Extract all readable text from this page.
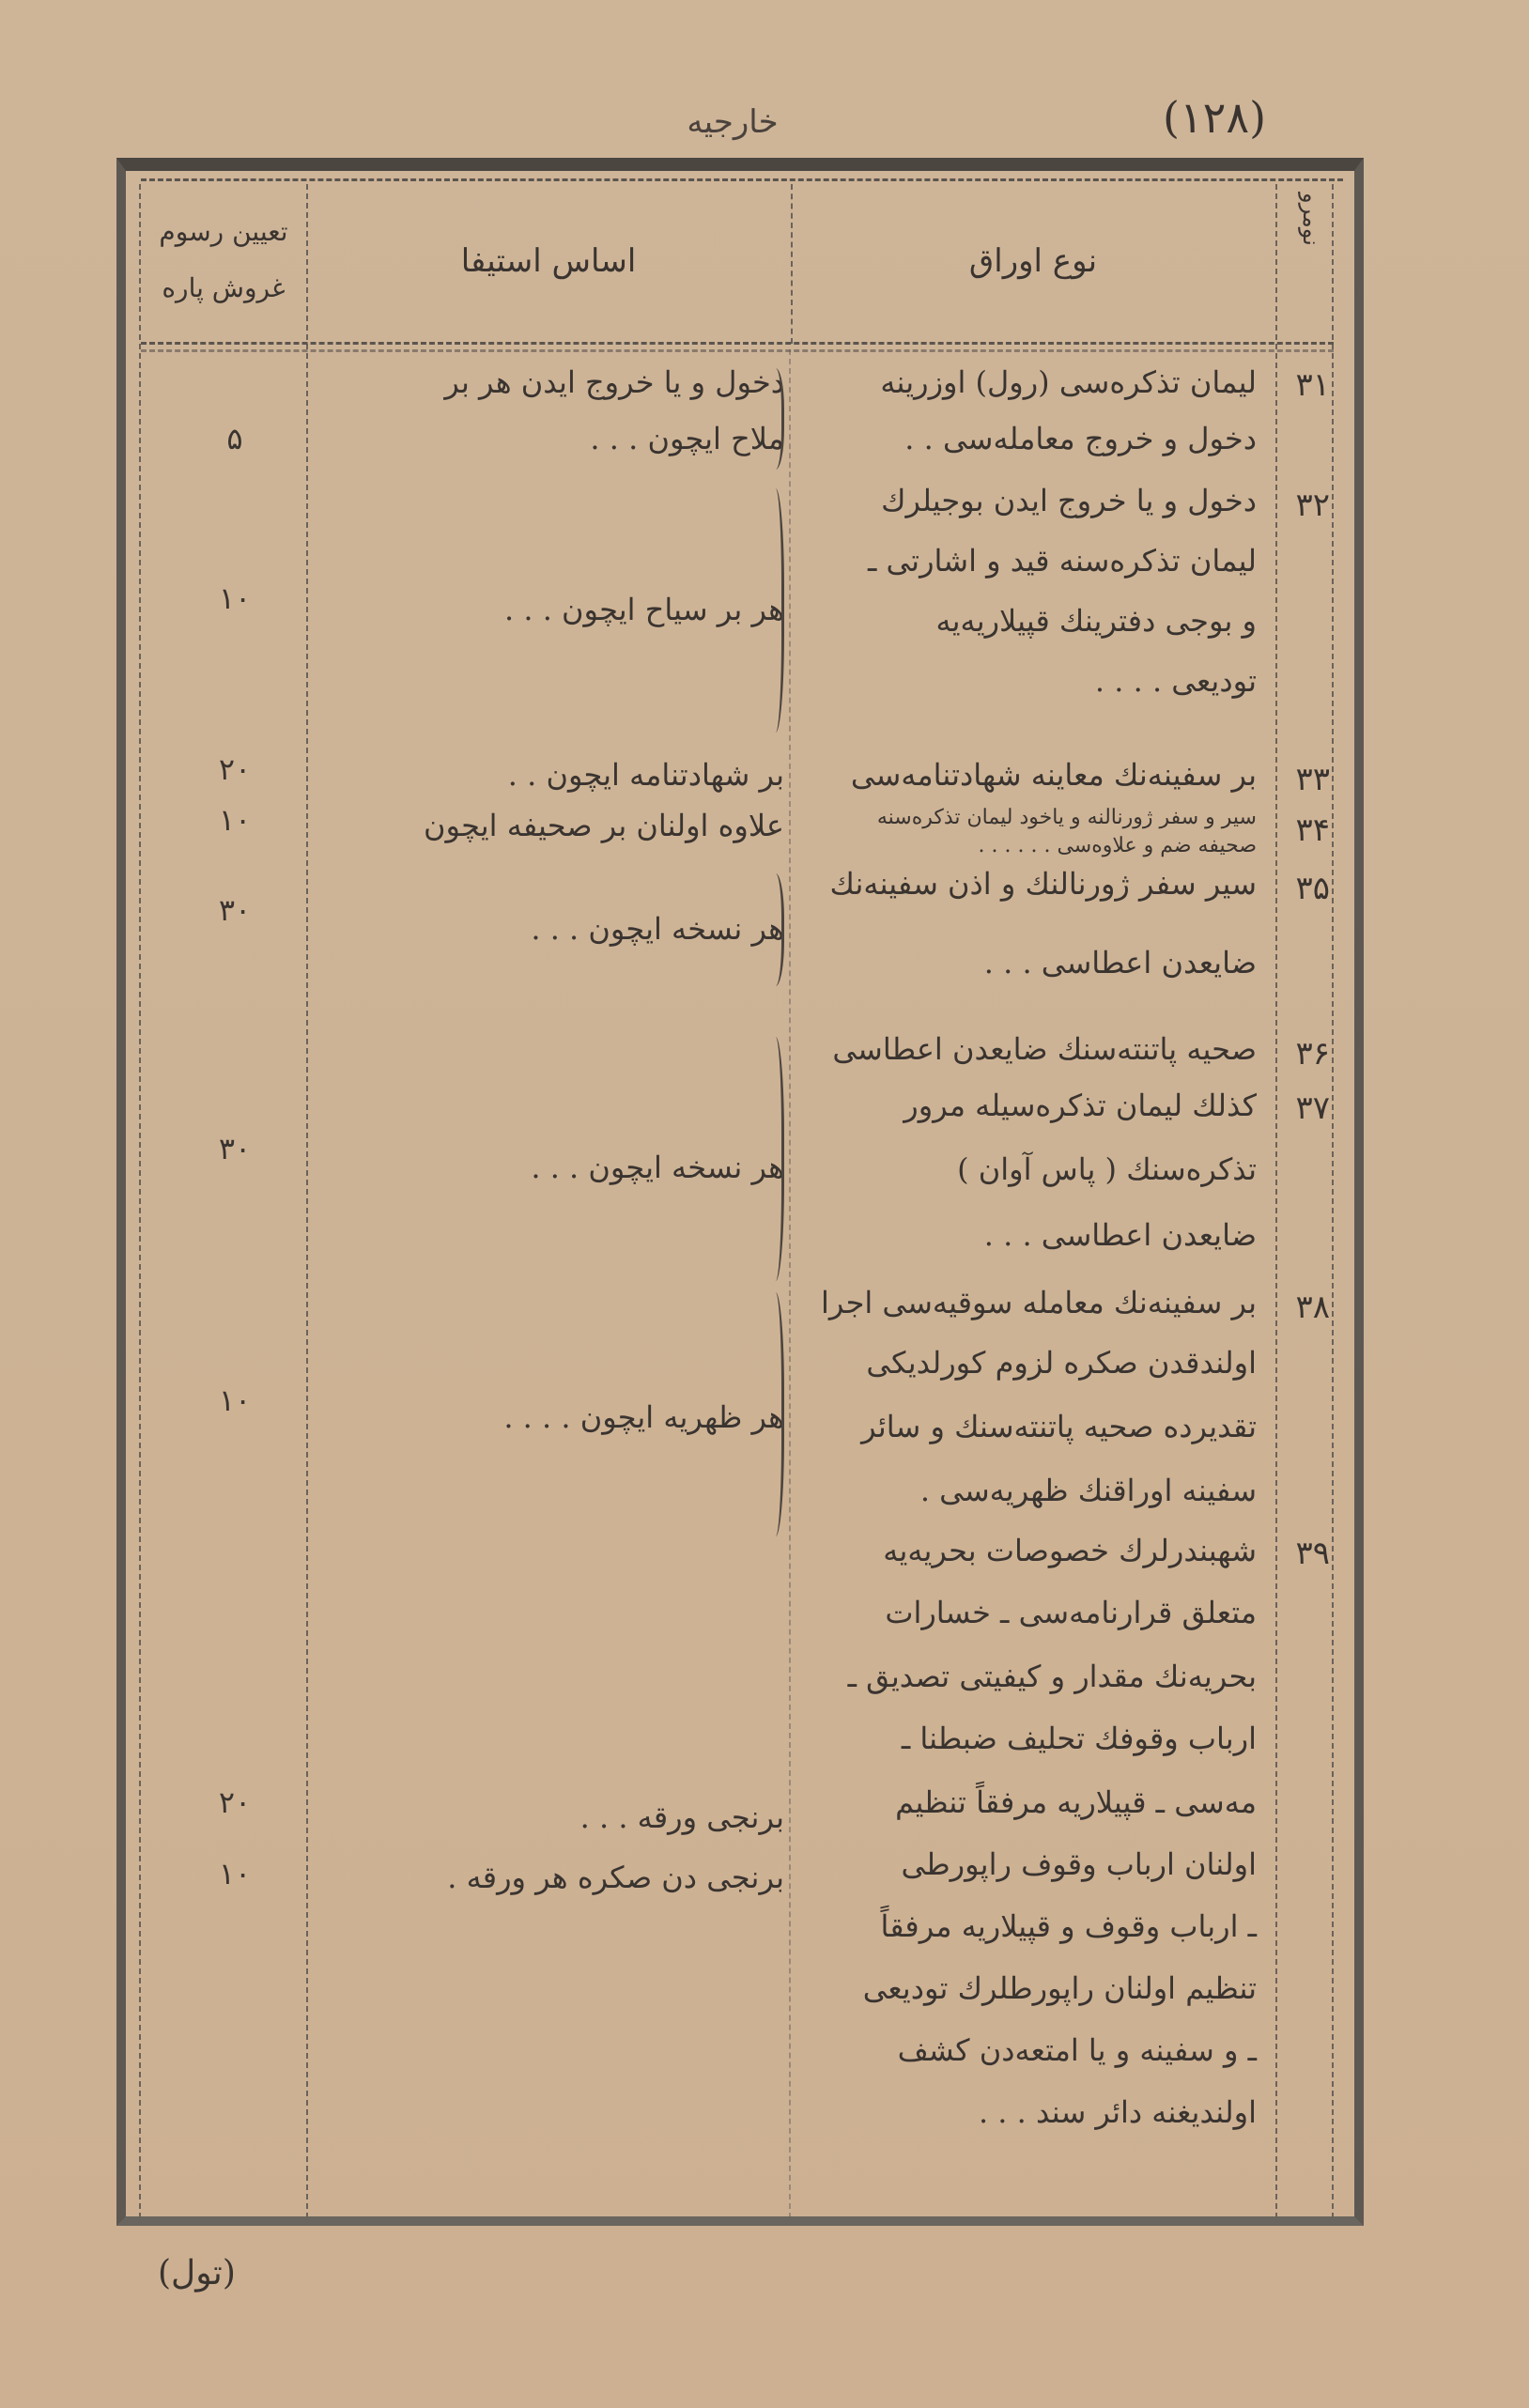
(۱۲۸)
خارجیه
نومرو
نوع اوراق
اساس استیفا
تعیین رسوم
غروش پاره
۳۱
لیمان تذکره‌سی (رول) اوزرینه
دخول و خروج معامله‌سی . .
دخول و یا خروج ایدن هر بر
ملاح ایچون . . .
۵
۳۲
دخول و یا خروج ایدن بوجیلرك
لیمان تذکره‌سنه قید و اشارتی ـ
و بوجی دفترینك قپیلاریه‌یه
تودیعی . . . .
هر بر سیاح ایچون . . .
۱۰
۳۳
بر سفینه‌نك معاینه شهادتنامه‌سی
بر شهادتنامه ایچون . .
۲۰
۳۴
سیر و سفر ژورنالنه و یاخود لیمان تذکره‌سنه
صحیفه ضم و علاوه‌سی . . . . . .
علاوه اولنان بر صحیفه ایچون
۱۰
۳۵
سیر سفر ژورنالنك و اذن سفینه‌نك
ضایعدن اعطاسی . . .
هر نسخه ایچون . . .
۳۰
۳۶
صحیه پاتنته‌سنك ضایعدن اعطاسی
۳۷
کذلك لیمان تذکره‌سیله مرور
تذکره‌سنك ( پاس آوان )
ضایعدن اعطاسی . . .
هر نسخه ایچون . . .
۳۰
۳۸
بر سفینه‌نك معامله سوقیه‌سی اجرا
اولندقدن صکره لزوم کورلدیکی
تقدیرده صحیه پاتنته‌سنك و سائر
سفینه اوراقنك ظهریه‌سی .
هر ظهریه ایچون . . . .
۱۰
۳۹
شهبندرلرك خصوصات بحریه‌یه
متعلق قرارنامه‌سی ـ خسارات
بحریه‌نك مقدار و کیفیتی تصدیق ـ
ارباب وقوفك تحلیف ضبطنا ـ
مه‌سی ـ قپیلاریه مرفقاً تنظیم
اولنان ارباب وقوف راپورطی
ـ ارباب وقوف و قپیلاریه مرفقاً
تنظیم اولنان راپورطلرك تودیعی
ـ و سفینه و یا امتعه‌دن کشف
اولندیغنه دائر سند . . .
برنجی ورقه . . .
برنجی دن صکره هر ورقه .
۲۰
۱۰
(تول)
